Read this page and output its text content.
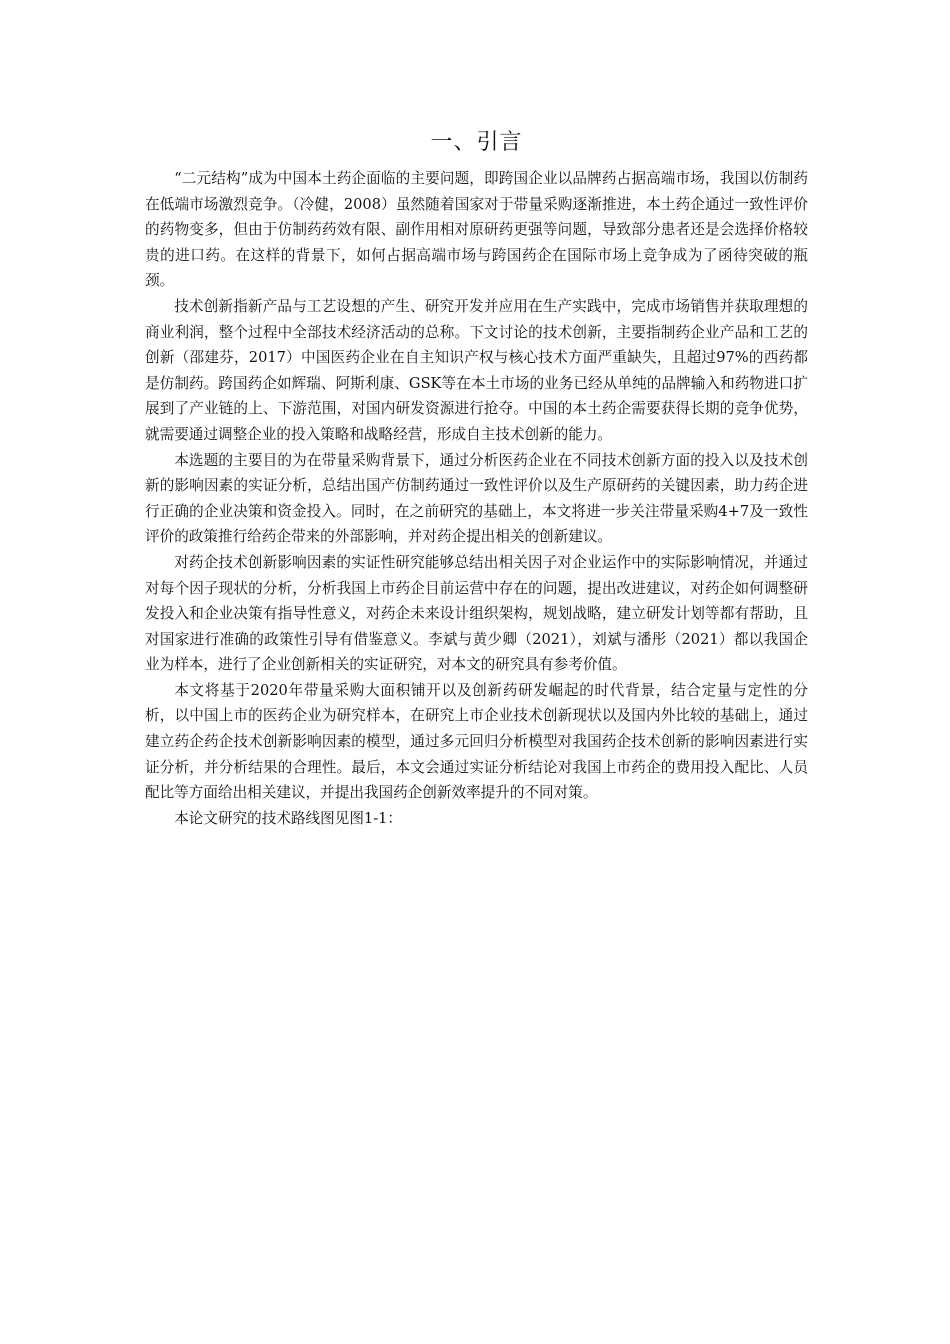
一、引言

“二元结构”成为中国本土药企面临的主要问题，即跨国企业以品牌药占据高端市场，我国以仿制药在低端市场激烈竞争。（冷健，2008）虽然随着国家对于带量采购逐渐推进，本土药企通过一致性评价的药物变多，但由于仿制药药效有限、副作用相对原研药更强等问题，导致部分患者还是会选择价格较贵的进口药。在这样的背景下，如何占据高端市场与跨国药企在国际市场上竞争成为了函待突破的瓶颈。

技术创新指新产品与工艺设想的产生、研究开发并应用在生产实践中，完成市场销售并获取理想的商业利润，整个过程中全部技术经济活动的总称。下文讨论的技术创新，主要指制药企业产品和工艺的创新（邵建芬，2017）中国医药企业在自主知识产权与核心技术方面严重缺失，且超过97%的西药都是仿制药。跨国药企如辉瑞、阿斯利康、GSK等在本土市场的业务已经从单纯的品牌输入和药物进口扩展到了产业链的上、下游范围，对国内研发资源进行抢夺。中国的本土药企需要获得长期的竞争优势，就需要通过调整企业的投入策略和战略经营，形成自主技术创新的能力。

本选题的主要目的为在带量采购背景下，通过分析医药企业在不同技术创新方面的投入以及技术创新的影响因素的实证分析，总结出国产仿制药通过一致性评价以及生产原研药的关键因素，助力药企进行正确的企业决策和资金投入。同时，在之前研究的基础上，本文将进一步关注带量采购4+7及一致性评价的政策推行给药企带来的外部影响，并对药企提出相关的创新建议。

对药企技术创新影响因素的实证性研究能够总结出相关因子对企业运作中的实际影响情况，并通过对每个因子现状的分析，分析我国上市药企目前运营中存在的问题，提出改进建议，对药企如何调整研发投入和企业决策有指导性意义，对药企未来设计组织架构，规划战略，建立研发计划等都有帮助，且对国家进行准确的政策性引导有借鉴意义。李斌与黄少卿（2021），刘斌与潘彤（2021）都以我国企业为样本，进行了企业创新相关的实证研究，对本文的研究具有参考价值。

本文将基于2020年带量采购大面积铺开以及创新药研发崛起的时代背景，结合定量与定性的分析，以中国上市的医药企业为研究样本，在研究上市企业技术创新现状以及国内外比较的基础上，通过建立药企药企技术创新影响因素的模型，通过多元回归分析模型对我国药企技术创新的影响因素进行实证分析，并分析结果的合理性。最后，本文会通过实证分析结论对我国上市药企的费用投入配比、人员配比等方面给出相关建议，并提出我国药企创新效率提升的不同对策。

本论文研究的技术路线图见图1-1：
